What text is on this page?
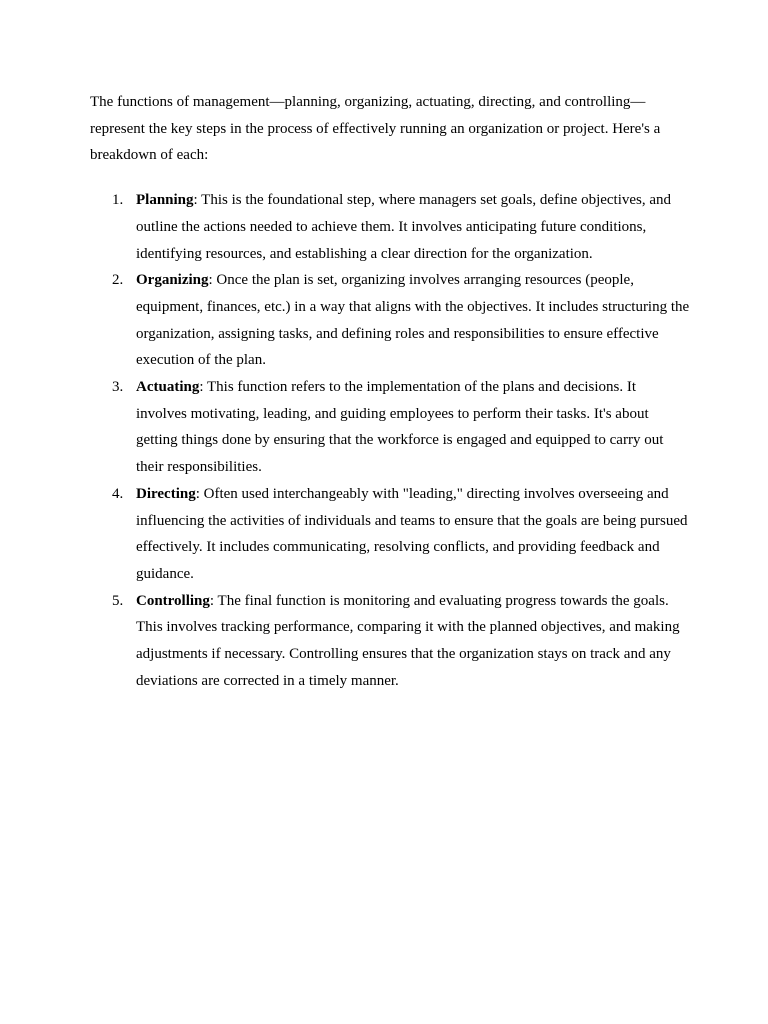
The functions of management—planning, organizing, actuating, directing, and controlling—represent the key steps in the process of effectively running an organization or project. Here's a breakdown of each:

1. Planning: This is the foundational step, where managers set goals, define objectives, and outline the actions needed to achieve them. It involves anticipating future conditions, identifying resources, and establishing a clear direction for the organization.
2. Organizing: Once the plan is set, organizing involves arranging resources (people, equipment, finances, etc.) in a way that aligns with the objectives. It includes structuring the organization, assigning tasks, and defining roles and responsibilities to ensure effective execution of the plan.
3. Actuating: This function refers to the implementation of the plans and decisions. It involves motivating, leading, and guiding employees to perform their tasks. It's about getting things done by ensuring that the workforce is engaged and equipped to carry out their responsibilities.
4. Directing: Often used interchangeably with "leading," directing involves overseeing and influencing the activities of individuals and teams to ensure that the goals are being pursued effectively. It includes communicating, resolving conflicts, and providing feedback and guidance.
5. Controlling: The final function is monitoring and evaluating progress towards the goals. This involves tracking performance, comparing it with the planned objectives, and making adjustments if necessary. Controlling ensures that the organization stays on track and any deviations are corrected in a timely manner.
